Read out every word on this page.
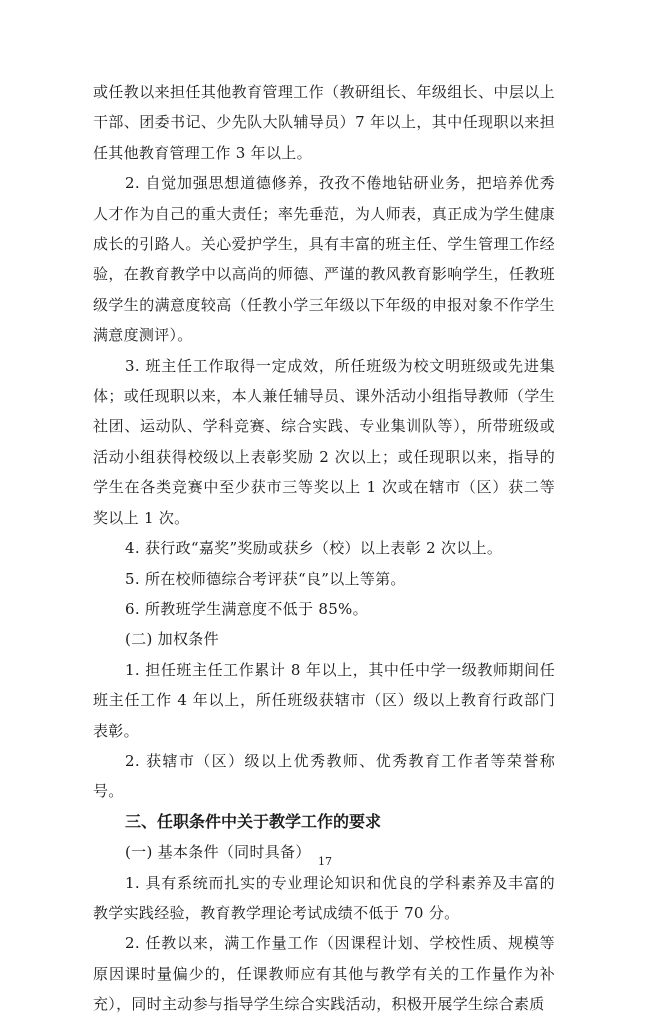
或任教以来担任其他教育管理工作（教研组长、年级组长、中层以上干部、团委书记、少先队大队辅导员）7 年以上，其中任现职以来担任其他教育管理工作 3 年以上。

2. 自觉加强思想道德修养，孜孜不倦地钻研业务，把培养优秀人才作为自己的重大责任；率先垂范，为人师表，真正成为学生健康成长的引路人。关心爱护学生，具有丰富的班主任、学生管理工作经验，在教育教学中以高尚的师德、严谨的教风教育影响学生，任教班级学生的满意度较高（任教小学三年级以下年级的申报对象不作学生满意度测评）。

3. 班主任工作取得一定成效，所任班级为校文明班级或先进集体；或任现职以来，本人兼任辅导员、课外活动小组指导教师（学生社团、运动队、学科竞赛、综合实践、专业集训队等），所带班级或活动小组获得校级以上表彰奖励 2 次以上；或任现职以来，指导的学生在各类竞赛中至少获市三等奖以上 1 次或在辖市（区）获二等奖以上 1 次。

4. 获行政“嘉奖”奖励或获乡（校）以上表彰 2 次以上。

5. 所在校师德综合考评获“良”以上等第。

6. 所教班学生满意度不低于 85%。

(二) 加权条件

1. 担任班主任工作累计 8 年以上，其中任中学一级教师期间任班主任工作 4 年以上，所任班级获辖市（区）级以上教育行政部门表彰。

2. 获辖市（区）级以上优秀教师、优秀教育工作者等荣誉称号。

三、任职条件中关于教学工作的要求

(一) 基本条件（同时具备）

1. 具有系统而扎实的专业理论知识和优良的学科素养及丰富的教学实践经验，教育教学理论考试成绩不低于 70 分。

2. 任教以来，满工作量工作（因课程计划、学校性质、规模等原因课时量偏少的，任课教师应有其他与教学有关的工作量作为补充），同时主动参与指导学生综合实践活动，积极开展学生综合素质

17
